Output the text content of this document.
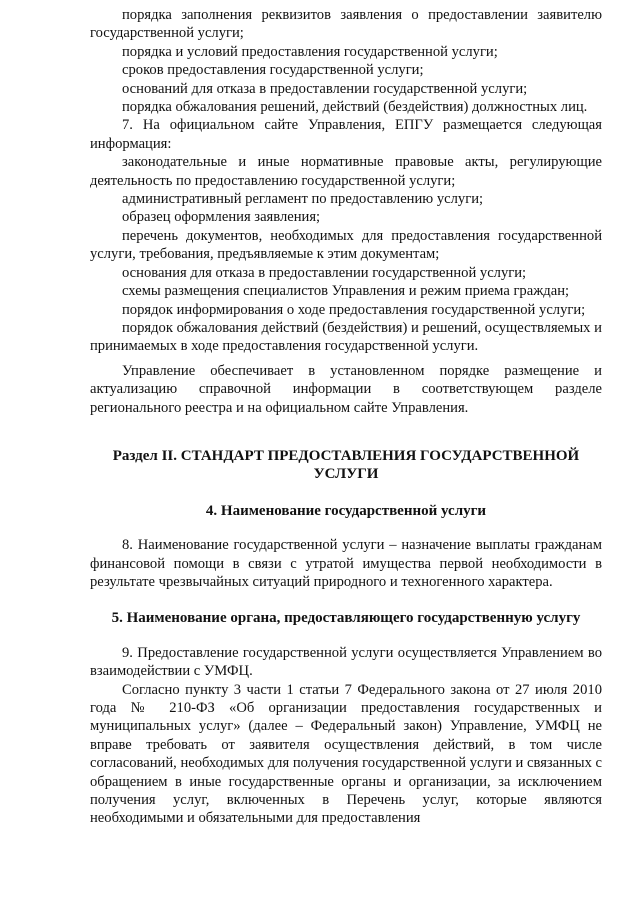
порядка заполнения реквизитов заявления о предоставлении заявителю государственной услуги;

порядка и условий предоставления государственной услуги;

сроков предоставления государственной услуги;

оснований для отказа в предоставлении государственной услуги;

порядка обжалования решений, действий (бездействия) должностных лиц.

7. На официальном сайте Управления, ЕПГУ размещается следующая информация:

законодательные и иные нормативные правовые акты, регулирующие деятельность по предоставлению государственной услуги;

административный регламент по предоставлению услуги;

образец оформления заявления;

перечень документов, необходимых для предоставления государственной услуги, требования, предъявляемые к этим документам;

основания для отказа в предоставлении государственной услуги;

схемы размещения специалистов Управления и режим приема граждан;

порядок информирования о ходе предоставления государственной услуги;

порядок обжалования действий (бездействия) и решений, осуществляемых и принимаемых в ходе предоставления государственной услуги.

Управление обеспечивает в установленном порядке размещение и актуализацию справочной информации в соответствующем разделе регионального реестра и на официальном сайте Управления.

Раздел II. СТАНДАРТ ПРЕДОСТАВЛЕНИЯ ГОСУДАРСТВЕННОЙ УСЛУГИ
4. Наименование государственной услуги

8. Наименование государственной услуги – назначение выплаты гражданам финансовой помощи в связи с утратой имущества первой необходимости в результате чрезвычайных ситуаций природного и техногенного характера.

5. Наименование органа, предоставляющего государственную услугу

9. Предоставление государственной услуги осуществляется Управлением во взаимодействии с УМФЦ.

Согласно пункту 3 части 1 статьи 7 Федерального закона от 27 июля 2010 года № 210-ФЗ «Об организации предоставления государственных и муниципальных услуг» (далее – Федеральный закон) Управление, УМФЦ не вправе требовать от заявителя осуществления действий, в том числе согласований, необходимых для получения государственной услуги и связанных с обращением в иные государственные органы и организации, за исключением получения услуг, включенных в Перечень услуг, которые являются необходимыми и обязательными для предоставления
